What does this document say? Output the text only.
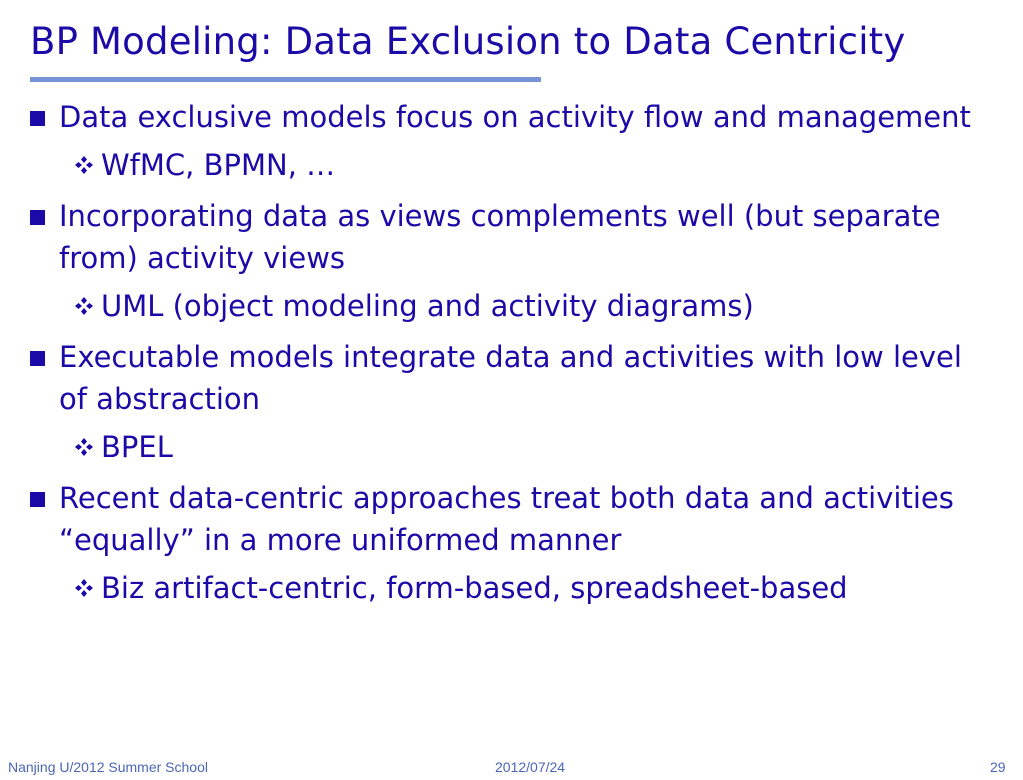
BP Modeling: Data Exclusion to Data Centricity
Data exclusive models focus on activity flow and management
WfMC, BPMN, …
Incorporating data as views complements well (but separate from) activity views
UML (object modeling and activity diagrams)
Executable models integrate data and activities with low level of abstraction
BPEL
Recent data-centric approaches treat both data and activities “equally” in a more uniformed manner
Biz artifact-centric, form-based, spreadsheet-based
Nanjing U/2012 Summer School	2012/07/24	29
